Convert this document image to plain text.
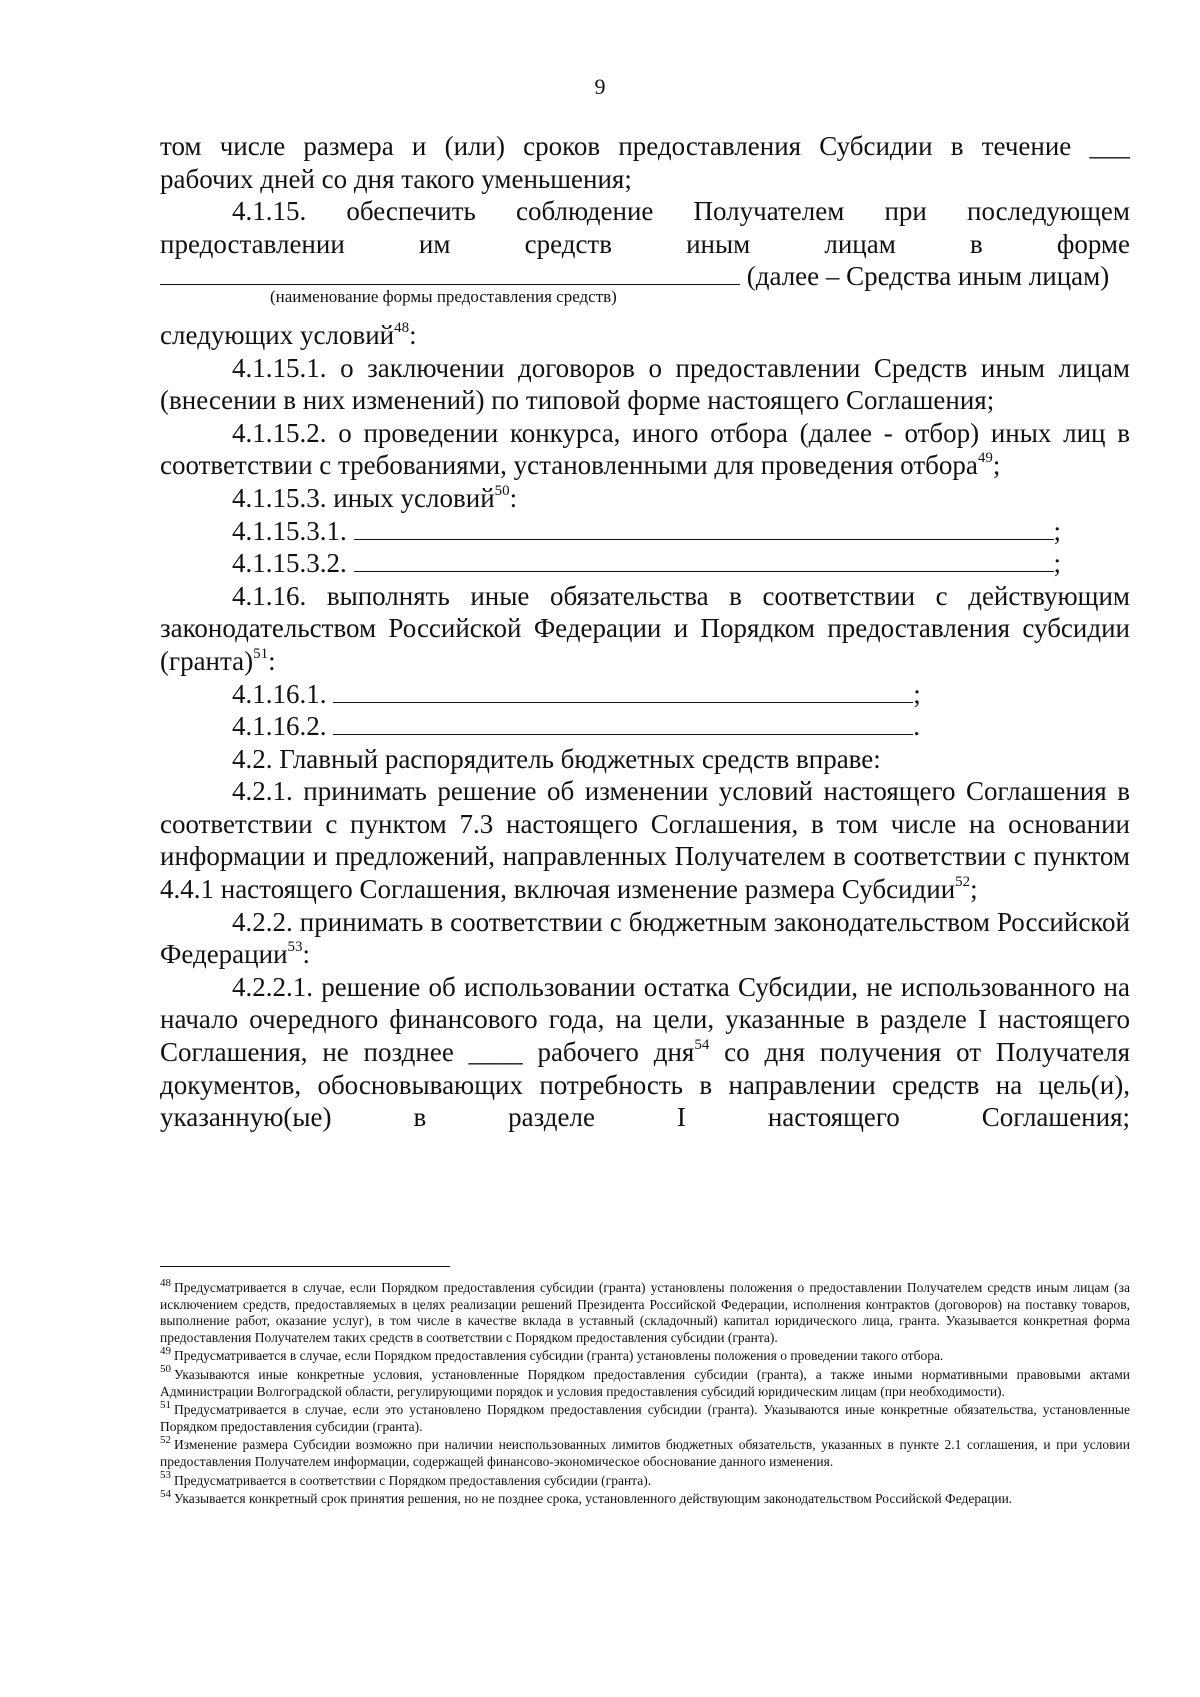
9

том числе размера и (или) сроков предоставления Субсидии в течение ___

рабочих дней со дня такого уменьшения;

4.1.15. обеспечить соблюдение Получателем при последующем

предоставлении им средств иным лицам в форме

(далее – Средства иным лицам)
(наименование формы предоставления средств)

следующих условий$^{48}$:

4.1.15.1. о заключении договоров о предоставлении Средств иным лицам (внесении в них изменений) по типовой форме настоящего Соглашения;

4.1.15.2. о проведении конкурса, иного отбора (далее - отбор) иных лиц в соответствии с требованиями, установленными для проведения отбора$^{49}$;

4.1.15.3. иных условий$^{50}$:

4.1.15.3.1.	;

4.1.15.3.2.	;

4.1.16. выполнять иные обязательства в соответствии с действующим законодательством Российской Федерации и Порядком предоставления субсидии (гранта)$^{51}$:

4.1.16.1.	;

4.1.16.2.	.

4.2. Главный распорядитель бюджетных средств вправе:

4.2.1. принимать решение об изменении условий настоящего Соглашения в соответствии с пунктом 7.3 настоящего Соглашения, в том числе на основании информации и предложений, направленных Получателем в соответствии с пунктом 4.4.1 настоящего Соглашения, включая изменение размера Субсидии$^{52}$;

4.2.2. принимать в соответствии с бюджетным законодательством Российской Федерации$^{53}$:

4.2.2.1. решение об использовании остатка Субсидии, не использованного на начало очередного финансового года, на цели, указанные в разделе I настоящего Соглашения, не позднее ____ рабочего дня$^{54}$ со дня получения от Получателя документов, обосновывающих потребность в направлении средств на цель(и), указанную(ые) в разделе I настоящего Соглашения;

$^{48}$ Предусматривается в случае, если Порядком предоставления субсидии (гранта) установлены положения о предоставлении Получателем средств иным лицам (за исключением средств, предоставляемых в целях реализации решений Президента Российской Федерации, исполнения контрактов (договоров) на поставку товаров, выполнение работ, оказание услуг), в том числе в качестве вклада в уставный (складочный) капитал юридического лица, гранта. Указывается конкретная форма предоставления Получателем таких средств в соответствии с Порядком предоставления субсидии (гранта).

$^{49}$ Предусматривается в случае, если Порядком предоставления субсидии (гранта) установлены положения о проведении такого отбора.

$^{50}$ Указываются иные конкретные условия, установленные Порядком предоставления субсидии (гранта), а также иными нормативными правовыми актами Администрации Волгоградской области, регулирующими порядок и условия предоставления субсидий юридическим лицам (при необходимости).

$^{51}$ Предусматривается в случае, если это установлено Порядком предоставления субсидии (гранта). Указываются иные конкретные обязательства, установленные Порядком предоставления субсидии (гранта).

$^{52}$ Изменение размера Субсидии возможно при наличии неиспользованных лимитов бюджетных обязательств, указанных в пункте 2.1 соглашения, и при условии предоставления Получателем информации, содержащей финансово-экономическое обоснование данного изменения.

$^{53}$ Предусматривается в соответствии с Порядком предоставления субсидии (гранта).

$^{54}$ Указывается конкретный срок принятия решения, но не позднее срока, установленного действующим законодательством Российской Федерации.
